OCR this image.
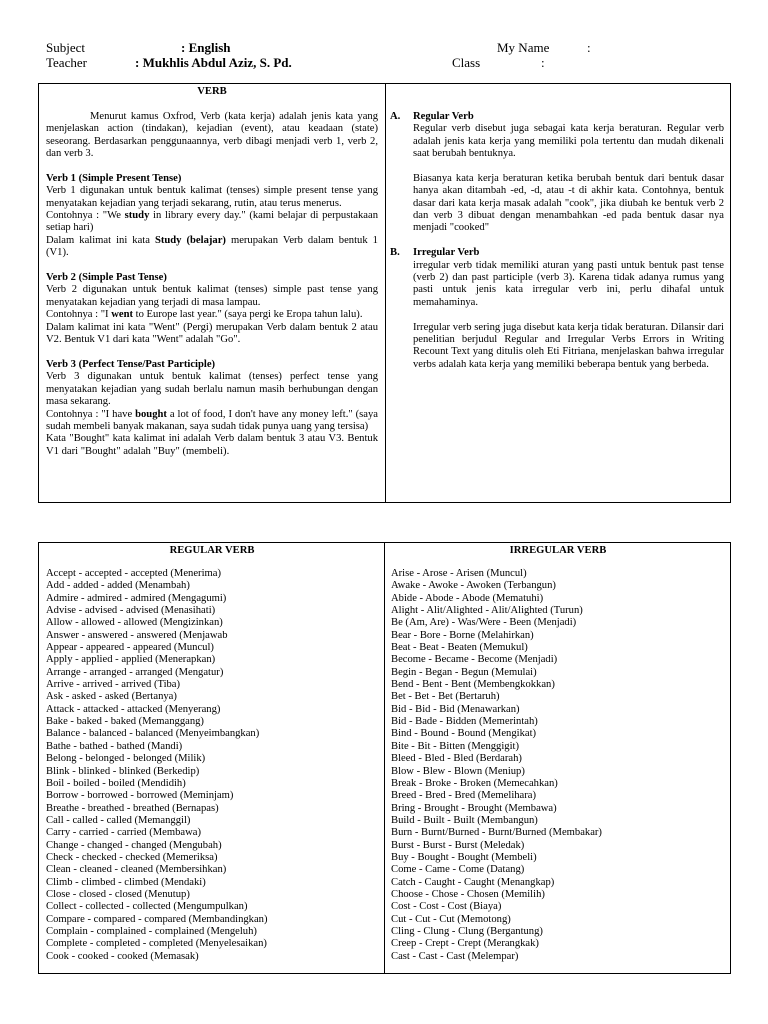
Subject	: English
Teacher	: Mukhlis Abdul Aziz, S. Pd.
My Name	:
Class	:
VERB

Menurut kamus Oxfrod, Verb (kata kerja) adalah jenis kata yang menjelaskan action (tindakan), kejadian (event), atau keadaan (state) seseorang. Berdasarkan penggunaannya, verb dibagi menjadi verb 1, verb 2, dan verb 3.

Verb 1 (Simple Present Tense)

Verb 1 digunakan untuk bentuk kalimat (tenses) simple present tense yang menyatakan kejadian yang terjadi sekarang, rutin, atau terus menerus.

Contohnya : "We study in library every day." (kami belajar di perpustakaan setiap hari)

Dalam kalimat ini kata Study (belajar) merupakan Verb dalam bentuk 1 (V1).

Verb 2 (Simple Past Tense)

Verb 2 digunakan untuk bentuk kalimat (tenses) simple past tense yang menyatakan kejadian yang terjadi di masa lampau.

Contohnya : "I went to Europe last year." (saya pergi ke Eropa tahun lalu).

Dalam kalimat ini kata "Went" (Pergi) merupakan Verb dalam bentuk 2 atau V2. Bentuk V1 dari kata "Went" adalah "Go".

Verb 3 (Perfect Tense/Past Participle)

Verb 3 digunakan untuk bentuk kalimat (tenses) perfect tense yang menyatakan kejadian yang sudah berlalu namun masih berhubungan dengan masa sekarang.

Contohnya : "I have bought a lot of food, I don't have any money left." (saya sudah membeli banyak makanan, saya sudah tidak punya uang yang tersisa)

Kata "Bought" kata kalimat ini adalah Verb dalam bentuk 3 atau V3. Bentuk V1 dari "Bought" adalah "Buy" (membeli).

A. Regular Verb

Regular verb disebut juga sebagai kata kerja beraturan. Regular verb adalah jenis kata kerja yang memiliki pola tertentu dan mudah dikenali saat berubah bentuknya.

Biasanya kata kerja beraturan ketika berubah bentuk dari bentuk dasar hanya akan ditambah -ed, -d, atau -t di akhir kata. Contohnya, bentuk dasar dari kata kerja masak adalah "cook", jika diubah ke bentuk verb 2 dan verb 3 dibuat dengan menambahkan -ed pada bentuk dasar nya menjadi "cooked"

B. Irregular Verb

irregular verb tidak memiliki aturan yang pasti untuk bentuk past tense (verb 2) dan past participle (verb 3). Karena tidak adanya rumus yang pasti untuk jenis kata irregular verb ini, perlu dihafal untuk memahaminya.

Irregular verb sering juga disebut kata kerja tidak beraturan. Dilansir dari penelitian berjudul Regular and Irregular Verbs Errors in Writing Recount Text yang ditulis oleh Eti Fitriana, menjelaskan bahwa irregular verbs adalah kata kerja yang memiliki beberapa bentuk yang berbeda.

REGULAR VERB
Accept - accepted - accepted (Menerima)
Add - added - added (Menambah)
Admire - admired - admired (Mengagumi)
Advise - advised - advised (Menasihati)
Allow - allowed - allowed (Mengizinkan)
Answer - answered - answered (Menjawab
Appear - appeared - appeared (Muncul)
Apply - applied - applied (Menerapkan)
Arrange - arranged - arranged (Mengatur)
Arrive - arrived - arrived (Tiba)
Ask - asked - asked (Bertanya)
Attack - attacked - attacked (Menyerang)
Bake - baked - baked (Memanggang)
Balance - balanced - balanced (Menyeimbangkan)
Bathe - bathed - bathed (Mandi)
Belong - belonged - belonged (Milik)
Blink - blinked - blinked (Berkedip)
Boil - boiled - boiled (Mendidih)
Borrow - borrowed - borrowed (Meminjam)
Breathe - breathed - breathed (Bernapas)
Call - called - called (Memanggil)
Carry - carried - carried (Membawa)
Change - changed - changed (Mengubah)
Check - checked - checked (Memeriksa)
Clean - cleaned - cleaned (Membersihkan)
Climb - climbed - climbed (Mendaki)
Close - closed - closed (Menutup)
Collect - collected - collected (Mengumpulkan)
Compare - compared - compared (Membandingkan)
Complain - complained - complained (Mengeluh)
Complete - completed - completed (Menyelesaikan)
Cook - cooked - cooked (Memasak)
IRREGULAR VERB
Arise - Arose - Arisen (Muncul)
Awake - Awoke - Awoken (Terbangun)
Abide - Abode - Abode (Mematuhi)
Alight - Alit/Alighted - Alit/Alighted (Turun)
Be (Am, Are) - Was/Were - Been (Menjadi)
Bear - Bore - Borne (Melahirkan)
Beat - Beat - Beaten (Memukul)
Become - Became - Become (Menjadi)
Begin - Began - Begun (Memulai)
Bend - Bent - Bent (Membengkokkan)
Bet - Bet - Bet (Bertaruh)
Bid - Bid - Bid (Menawarkan)
Bid - Bade - Bidden (Memerintah)
Bind - Bound - Bound (Mengikat)
Bite - Bit - Bitten (Menggigit)
Bleed - Bled - Bled (Berdarah)
Blow - Blew - Blown (Meniup)
Break - Broke - Broken (Memecahkan)
Breed - Bred - Bred (Memelihara)
Bring - Brought - Brought (Membawa)
Build - Built - Built (Membangun)
Burn - Burnt/Burned - Burnt/Burned (Membakar)
Burst - Burst - Burst (Meledak)
Buy - Bought - Bought (Membeli)
Come - Came - Come (Datang)
Catch - Caught - Caught (Menangkap)
Choose - Chose - Chosen (Memilih)
Cost - Cost - Cost (Biaya)
Cut - Cut - Cut (Memotong)
Cling - Clung - Clung (Bergantung)
Creep - Crept - Crept (Merangkak)
Cast - Cast - Cast (Melempar)
